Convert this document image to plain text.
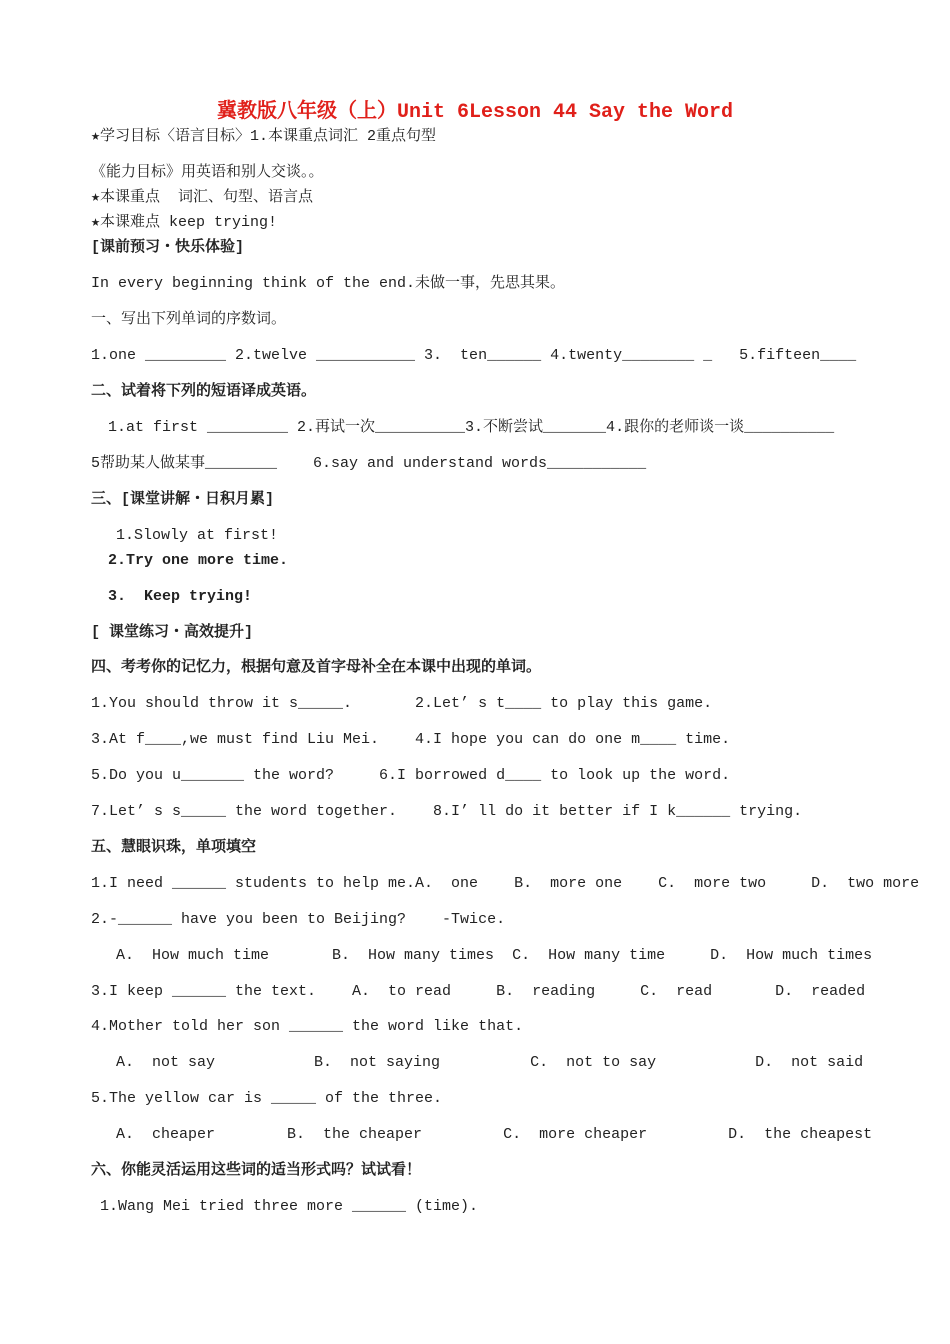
冀教版八年级（上）Unit 6Lesson 44 Say the Word
★学习目标〈语言目标〉1.本课重点词汇 2重点句型
《能力目标》用英语和别人交谈。。
★本课重点  词汇、句型、语言点
★本课难点 keep trying!
[课前预习・快乐体验]
In every beginning think of the end.未做一事，先思其果。
一、写出下列单词的序数词。
1.one _________ 2.twelve ___________ 3.  ten______ 4.twenty________ _   5.fifteen____
二、试着将下列的短语译成英语。
1.at first _________ 2.再试一次__________3.不断尝试_______4.跟你的老师谈一谈__________
5帮助某人做某事________    6.say and understand words___________
三、[课堂讲解・日积月累]
1.Slowly at first!
2.Try one more time.
3.  Keep trying!
[ 课堂练习・高效提升]
四、考考你的记忆力，根据句意及首字母补全在本课中出现的单词。
1.You should throw it s_____.       2.Let’ s t____ to play this game.
3.At f____,we must find Liu Mei.    4.I hope you can do one m____ time.
5.Do you u_______ the word?     6.I borrowed d____ to look up the word.
7.Let’ s s_____ the word together.    8.I’ ll do it better if I k______ trying.
五、慧眼识珠，单项填空
1.I need ______ students to help me.A.  one    B.  more one    C.  more two     D.  two more
2.-______ have you been to Beijing?    -Twice.
A.  How much time       B.  How many times  C.  How many time     D.  How much times
3.I keep ______ the text.    A.  to read     B.  reading     C.  read       D.  readed
4.Mother told her son ______ the word like that.
A.  not say           B.  not saying          C.  not to say           D.  not said
5.The yellow car is _____ of the three.
A.  cheaper        B.  the cheaper         C.  more cheaper         D.  the cheapest
六、你能灵活运用这些词的适当形式吗？试试看！
1.Wang Mei tried three more ______ (time).
